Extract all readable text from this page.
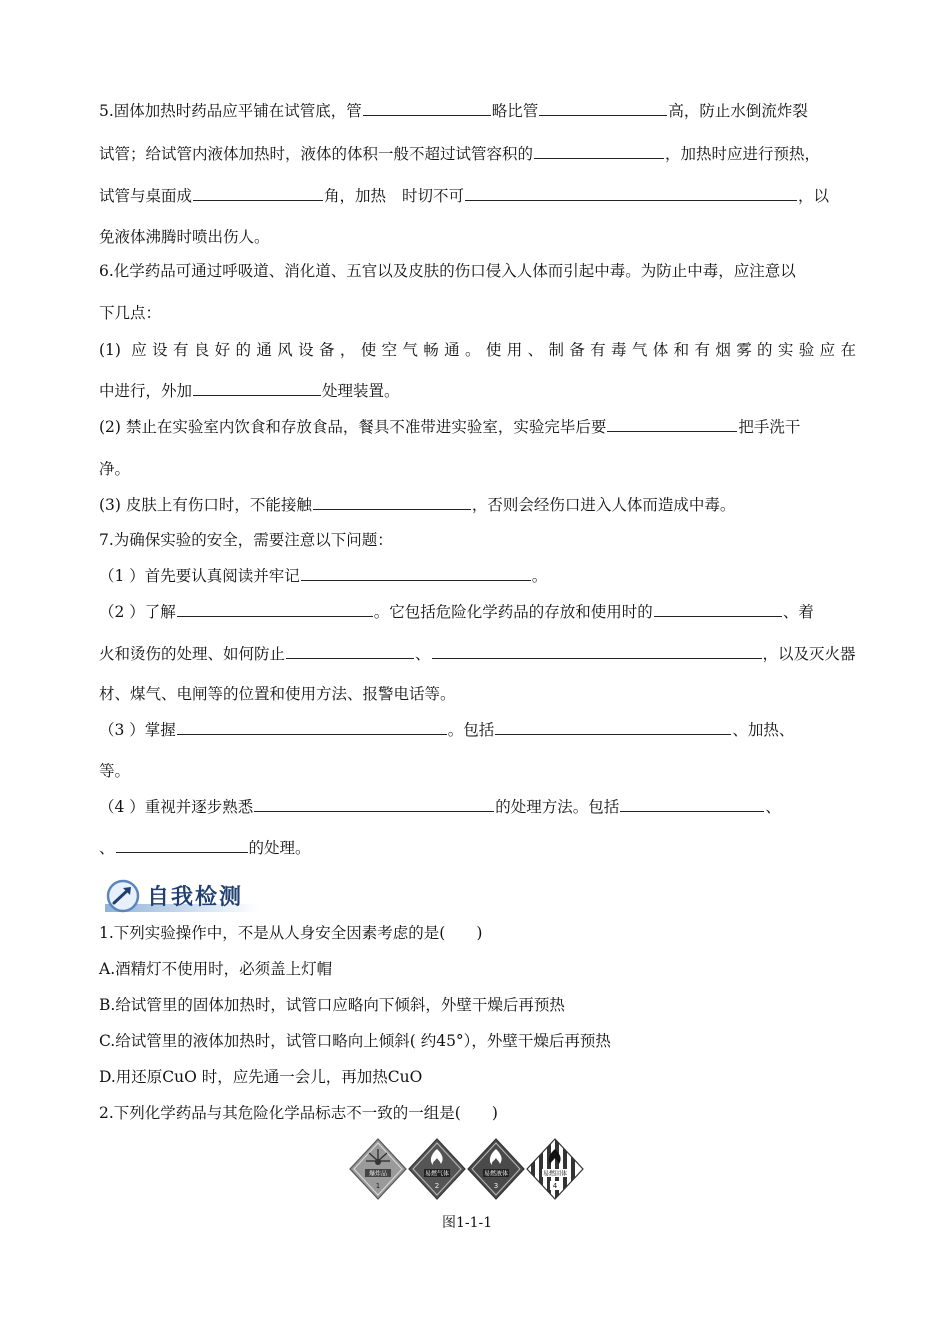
5.固体加热时药品应平铺在试管底，管	略比管	高，防止水倒流炸裂
试管；给试管内液体加热时，液体的体积一般不超过试管容积的	，加热时应进行预热，
试管与桌面成	角，加热 时切不可	，以
免液体沸腾时喷出伤人。
6.化学药品可通过呼吸道、消化道、五官以及皮肤的伤口侵入人体而引起中毒。为防止中毒，应注意以
下几点：
(1) 应设有良好的通风设备，使空气畅通。使用、制备有毒气体和有烟雾的实验应在
中进行，外加	处理装置。
(2) 禁止在实验室内饮食和存放食品，餐具不准带进实验室，实验完毕后要	把手洗干
净。
(3) 皮肤上有伤口时，不能接触	，否则会经伤口进入人体而造成中毒。
7.为确保实验的安全，需要注意以下问题：
（1 ）首先要认真阅读并牢记	。
（2 ）了解	。它包括危险化学药品的存放和使用时的	、着
火和烫伤的处理、如何防止	、	，以及灭火器
材、煤气、电闸等的位置和使用方法、报警电话等。
（3 ）掌握	。包括	、加热、
等。
（4 ）重视并逐步熟悉	的处理方法。包括	、
、	的处理。
自我检测
1.下列实验操作中，不是从人身安全因素考虑的是(　　)
A.酒精灯不使用时，必须盖上灯帽
B.给试管里的固体加热时，试管口应略向下倾斜，外壁干燥后再预热
C.给试管里的液体加热时，试管口略向上倾斜( 约45°），外壁干燥后再预热
D.用还原CuO 时，应先通一会儿，再加热CuO
2.下列化学药品与其危险化学品标志不一致的一组是(　　)
爆炸品
1
易燃气体
2
易燃液体
3
易燃固体
4
图1-1-1
